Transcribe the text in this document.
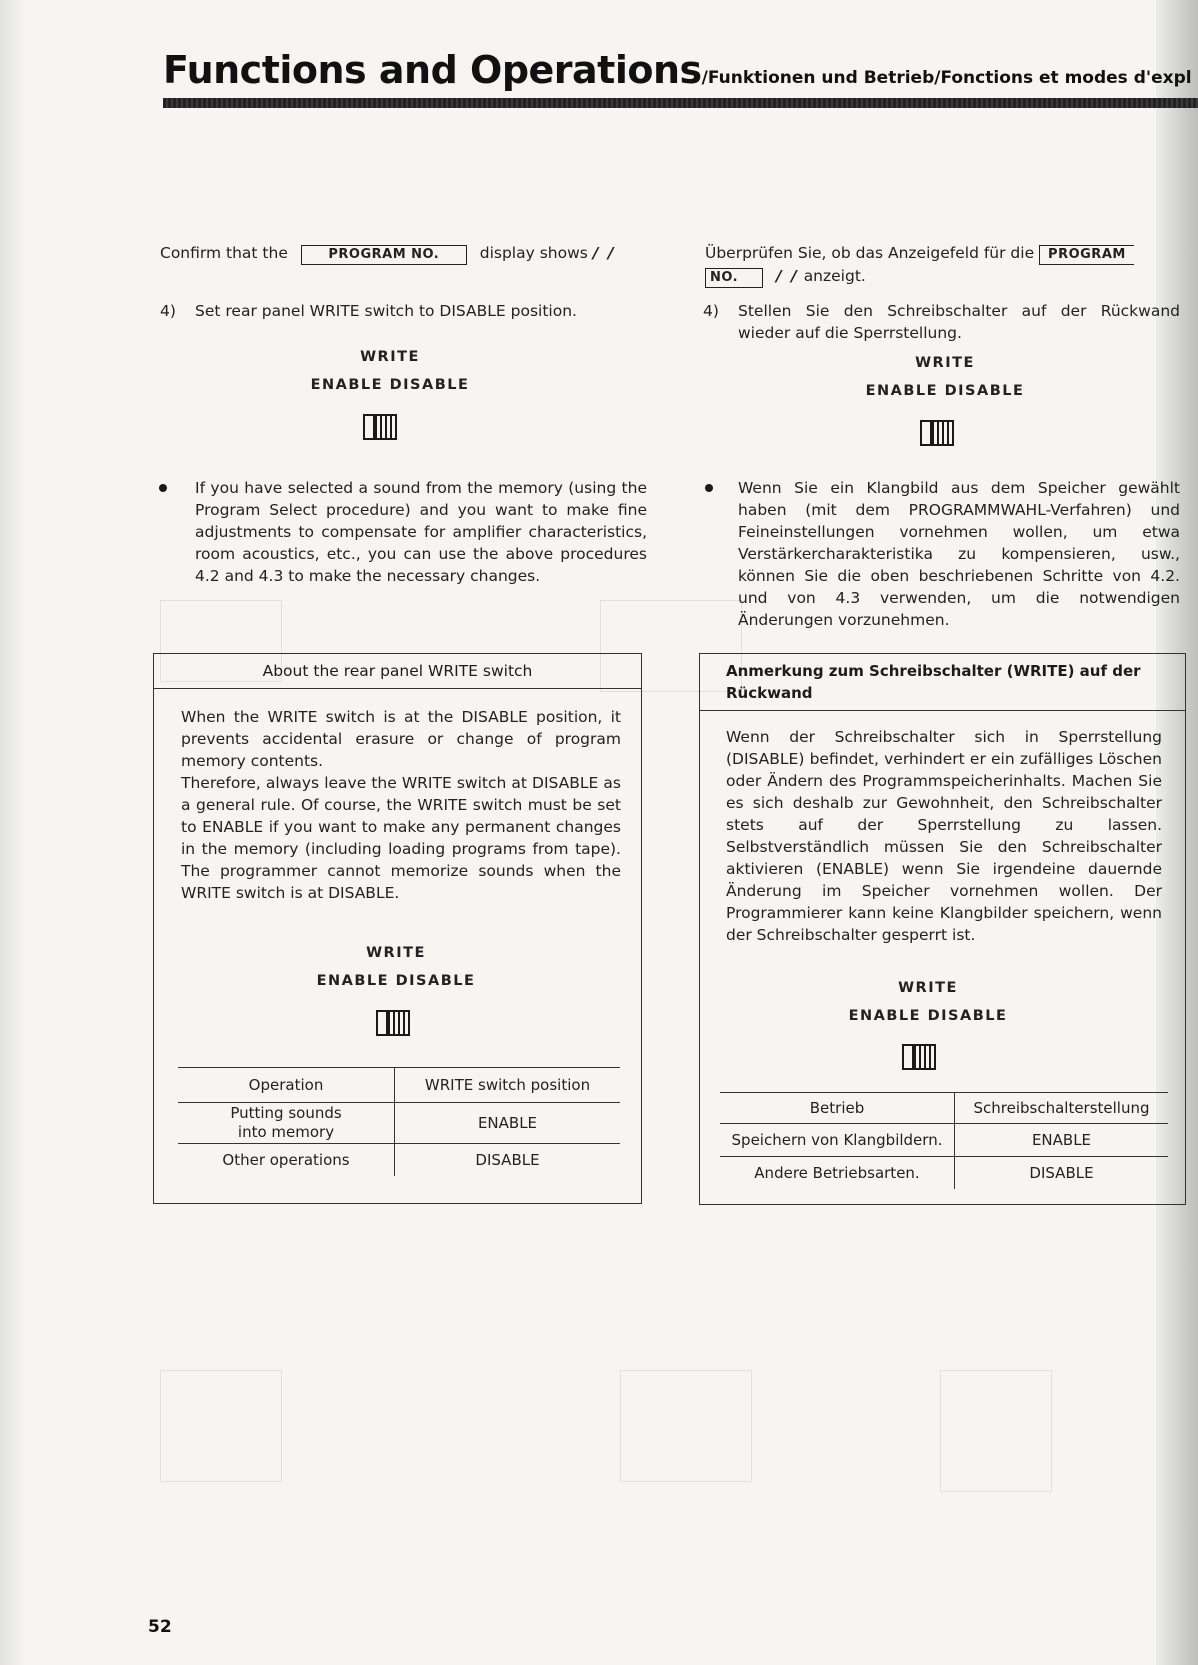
Functions and Operations/Funktionen und Betrieb/Fonctions et modes d'expl
Confirm that the	PROGRAM NO.	display shows / /
4) Set rear panel WRITE switch to DISABLE position.
WRITE
ENABLE DISABLE
If you have selected a sound from the memory (using the Program Select procedure) and you want to make fine adjustments to compensate for amplifier characteristics, room acoustics, etc., you can use the above procedures 4.2 and 4.3 to make the necessary changes.
About the rear panel WRITE switch
When the WRITE switch is at the DISABLE position, it prevents accidental erasure or change of program memory contents.
Therefore, always leave the WRITE switch at DISABLE as a general rule. Of course, the WRITE switch must be set to ENABLE if you want to make any permanent changes in the memory (including loading programs from tape). The programmer cannot memorize sounds when the WRITE switch is at DISABLE.
WRITE
ENABLE DISABLE
Operation	WRITE switch position
Putting sounds into memory	ENABLE
Other operations	DISABLE
Überprüfen Sie, ob das Anzeigefeld für die PROGRAM
NO. / / anzeigt.
4) Stellen Sie den Schreibschalter auf der Rückwand wieder auf die Sperrstellung.
WRITE
ENABLE DISABLE
Wenn Sie ein Klangbild aus dem Speicher gewählt haben (mit dem PROGRAMMWAHL-Verfahren) und Feineinstellungen vornehmen wollen, um etwa Verstärkercharakteristika zu kompensieren, usw., können Sie die oben beschriebenen Schritte von 4.2. und von 4.3 verwenden, um die notwendigen Änderungen vorzunehmen.
Anmerkung zum Schreibschalter (WRITE) auf der Rückwand
Wenn der Schreibschalter sich in Sperrstellung (DISABLE) befindet, verhindert er ein zufälliges Löschen oder Ändern des Programmspeicherinhalts. Machen Sie es sich deshalb zur Gewohnheit, den Schreibschalter stets auf der Sperrstellung zu lassen. Selbstverständlich müssen Sie den Schreibschalter aktivieren (ENABLE) wenn Sie irgendeine dauernde Änderung im Speicher vornehmen wollen. Der Programmierer kann keine Klangbilder speichern, wenn der Schreibschalter gesperrt ist.
WRITE
ENABLE DISABLE
Betrieb	Schreibschalterstellung
Speichern von Klangbildern.	ENABLE
Andere Betriebsarten.	DISABLE
52
